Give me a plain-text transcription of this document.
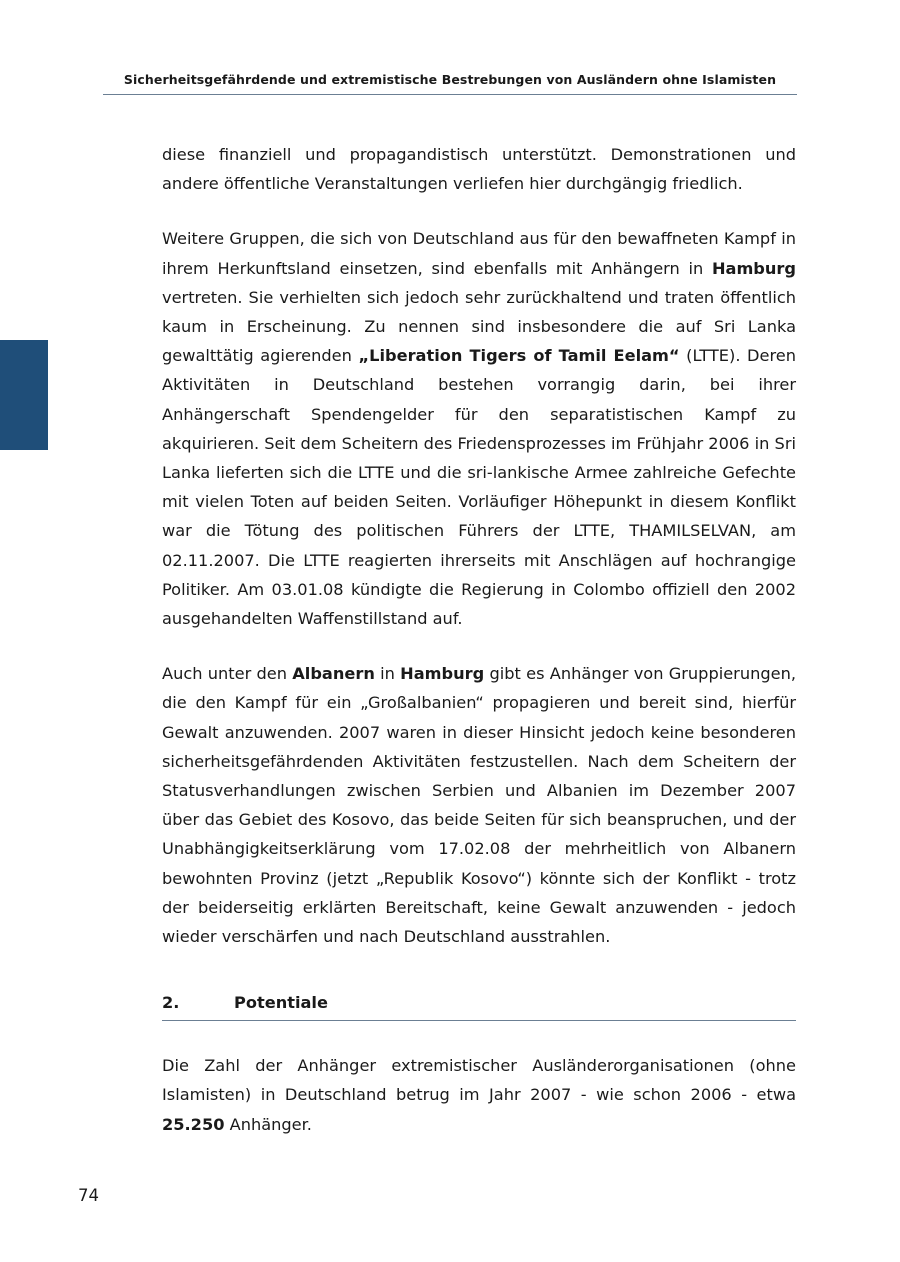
Sicherheitsgefährdende und extremistische Bestrebungen von Ausländern ohne Islamisten

diese finanziell und propagandistisch unterstützt. Demonstrationen und andere öffentliche Veranstaltungen verliefen hier durchgängig friedlich.

Weitere Gruppen, die sich von Deutschland aus für den bewaffneten Kampf in ihrem Herkunftsland einsetzen, sind ebenfalls mit Anhängern in Hamburg vertreten. Sie verhielten sich jedoch sehr zurückhaltend und traten öffentlich kaum in Erscheinung. Zu nennen sind insbesondere die auf Sri Lanka gewalttätig agierenden „Liberation Tigers of Tamil Eelam“ (LTTE). Deren Aktivitäten in Deutschland bestehen vorrangig darin, bei ihrer Anhängerschaft Spendengelder für den separatistischen Kampf zu akquirieren. Seit dem Scheitern des Friedensprozesses im Frühjahr 2006 in Sri Lanka lieferten sich die LTTE und die sri-lankische Armee zahlreiche Gefechte mit vielen Toten auf beiden Seiten. Vorläufiger Höhepunkt in diesem Konflikt war die Tötung des politischen Führers der LTTE, THAMILSELVAN, am 02.11.2007. Die LTTE reagierten ihrerseits mit Anschlägen auf hochrangige Politiker. Am 03.01.08 kündigte die Regierung in Colombo offiziell den 2002 ausgehandelten Waffenstillstand auf.

Auch unter den Albanern in Hamburg gibt es Anhänger von Gruppierungen, die den Kampf für ein „Großalbanien“ propagieren und bereit sind, hierfür Gewalt anzuwenden. 2007 waren in dieser Hinsicht jedoch keine besonderen sicherheitsgefährdenden Aktivitäten festzustellen. Nach dem Scheitern der Statusverhandlungen zwischen Serbien und Albanien im Dezember 2007 über das Gebiet des Kosovo, das beide Seiten für sich beanspruchen, und der Unabhängigkeitserklärung vom 17.02.08 der mehrheitlich von Albanern bewohnten Provinz (jetzt „Republik Kosovo“) könnte sich der Konflikt - trotz der beiderseitig erklärten Bereitschaft, keine Gewalt anzuwenden - jedoch wieder verschärfen und nach Deutschland ausstrahlen.

2.	Potentiale

Die Zahl der Anhänger extremistischer Ausländerorganisationen (ohne Islamisten) in Deutschland betrug im Jahr 2007 - wie schon 2006 - etwa 25.250 Anhänger.

74
